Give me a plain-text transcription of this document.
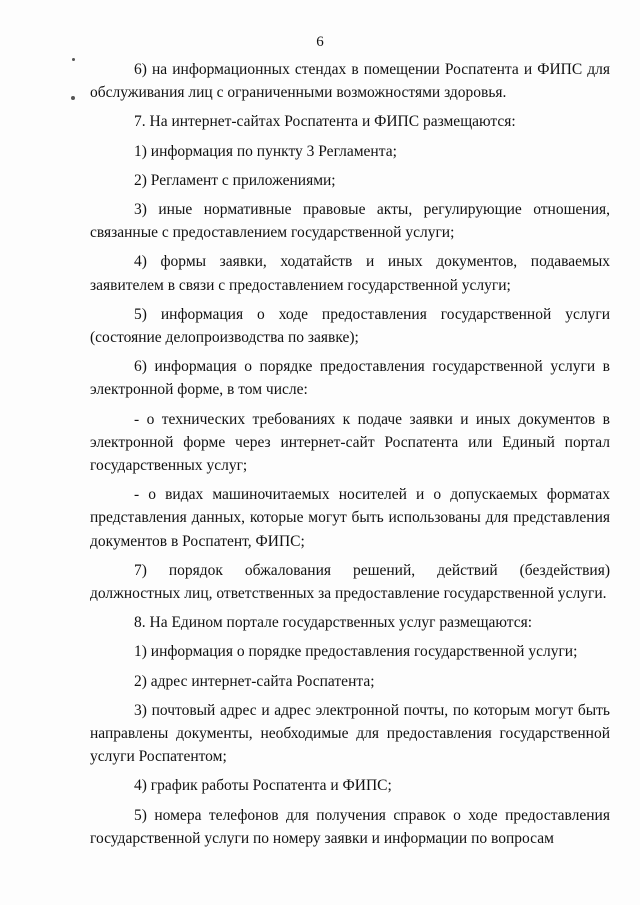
6

6) на информационных стендах в помещении Роспатента и ФИПС для обслуживания лиц с ограниченными возможностями здоровья.

7. На интернет-сайтах Роспатента и ФИПС размещаются:

1) информация по пункту 3 Регламента;

2) Регламент с приложениями;

3) иные нормативные правовые акты, регулирующие отношения, связанные с предоставлением государственной услуги;

4) формы заявки, ходатайств и иных документов, подаваемых заявителем в связи с предоставлением государственной услуги;

5) информация о ходе предоставления государственной услуги (состояние делопроизводства по заявке);

6) информация о порядке предоставления государственной услуги в электронной форме, в том числе:

- о технических требованиях к подаче заявки и иных документов в электронной форме через интернет-сайт Роспатента или Единый портал государственных услуг;

- о видах машиночитаемых носителей и о допускаемых форматах представления данных, которые могут быть использованы для представления документов в Роспатент, ФИПС;

7) порядок обжалования решений, действий (бездействия) должностных лиц, ответственных за предоставление государственной услуги.

8. На Едином портале государственных услуг размещаются:

1) информация о порядке предоставления государственной услуги;

2) адрес интернет-сайта Роспатента;

3) почтовый адрес и адрес электронной почты, по которым могут быть направлены документы, необходимые для предоставления государственной услуги Роспатентом;

4) график работы Роспатента и ФИПС;

5) номера телефонов для получения справок о ходе предоставления государственной услуги по номеру заявки и информации по вопросам
